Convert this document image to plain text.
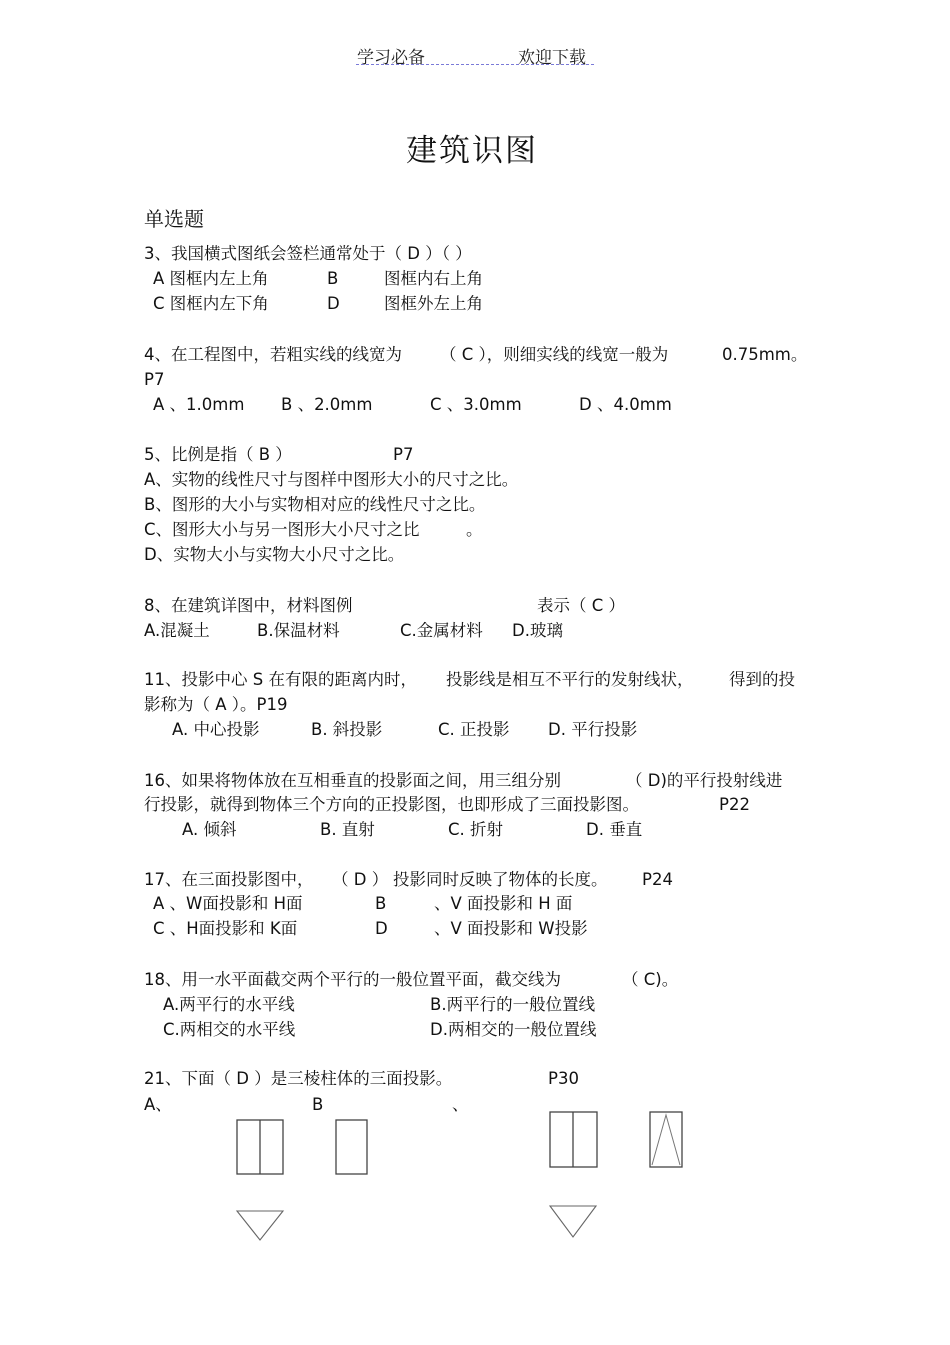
学习必备	欢迎下载
建筑识图
单选题
3、我国横式图纸会签栏通常处于（ D ）（ ）
A 图框内左上角	B	图框内右上角
C 图框内左下角	D	图框外左上角
4、在工程图中，若粗实线的线宽为 （ C ），则细实线的线宽一般为	0.75mm。
P7
A 、1.0mm B 、2.0mm	C 、3.0mm	D 、4.0mm
5、比例是指（ B ）	P7
A、实物的线性尺寸与图样中图形大小的尺寸之比。
B、图形的大小与实物相对应的线性尺寸之比。
C、图形大小与另一图形大小尺寸之比	。
D、实物大小与实物大小尺寸之比。
8、在建筑详图中，材料图例	表示（ C ）
A.混凝土	B.保温材料	C.金属材料 D.玻璃
11、投影中心 S 在有限的距离内时， 投影线是相互不平行的发射线状， 得到的投
影称为（ A ）。P19
A. 中心投影	B. 斜投影	C. 正投影 D. 平行投影
16、如果将物体放在互相垂直的投影面之间，用三组分别	（ D)的平行投射线进
行投影，就得到物体三个方向的正投影图，也即形成了三面投影图。	P22
A. 倾斜	B. 直射	C. 折射	D. 垂直
17、在三面投影图中， （ D ） 投影同时反映了物体的长度。 P24
A 、W面投影和 H面	B	、V 面投影和 H 面
C 、H面投影和 K面	D	、V 面投影和 W投影
18、用一水平面截交两个平行的一般位置平面，截交线为	（ C)。
A.两平行的水平线	B.两平行的一般位置线
C.两相交的水平线	D.两相交的一般位置线
21、下面（ D ）是三棱柱体的三面投影。	P30
A、	B	、
